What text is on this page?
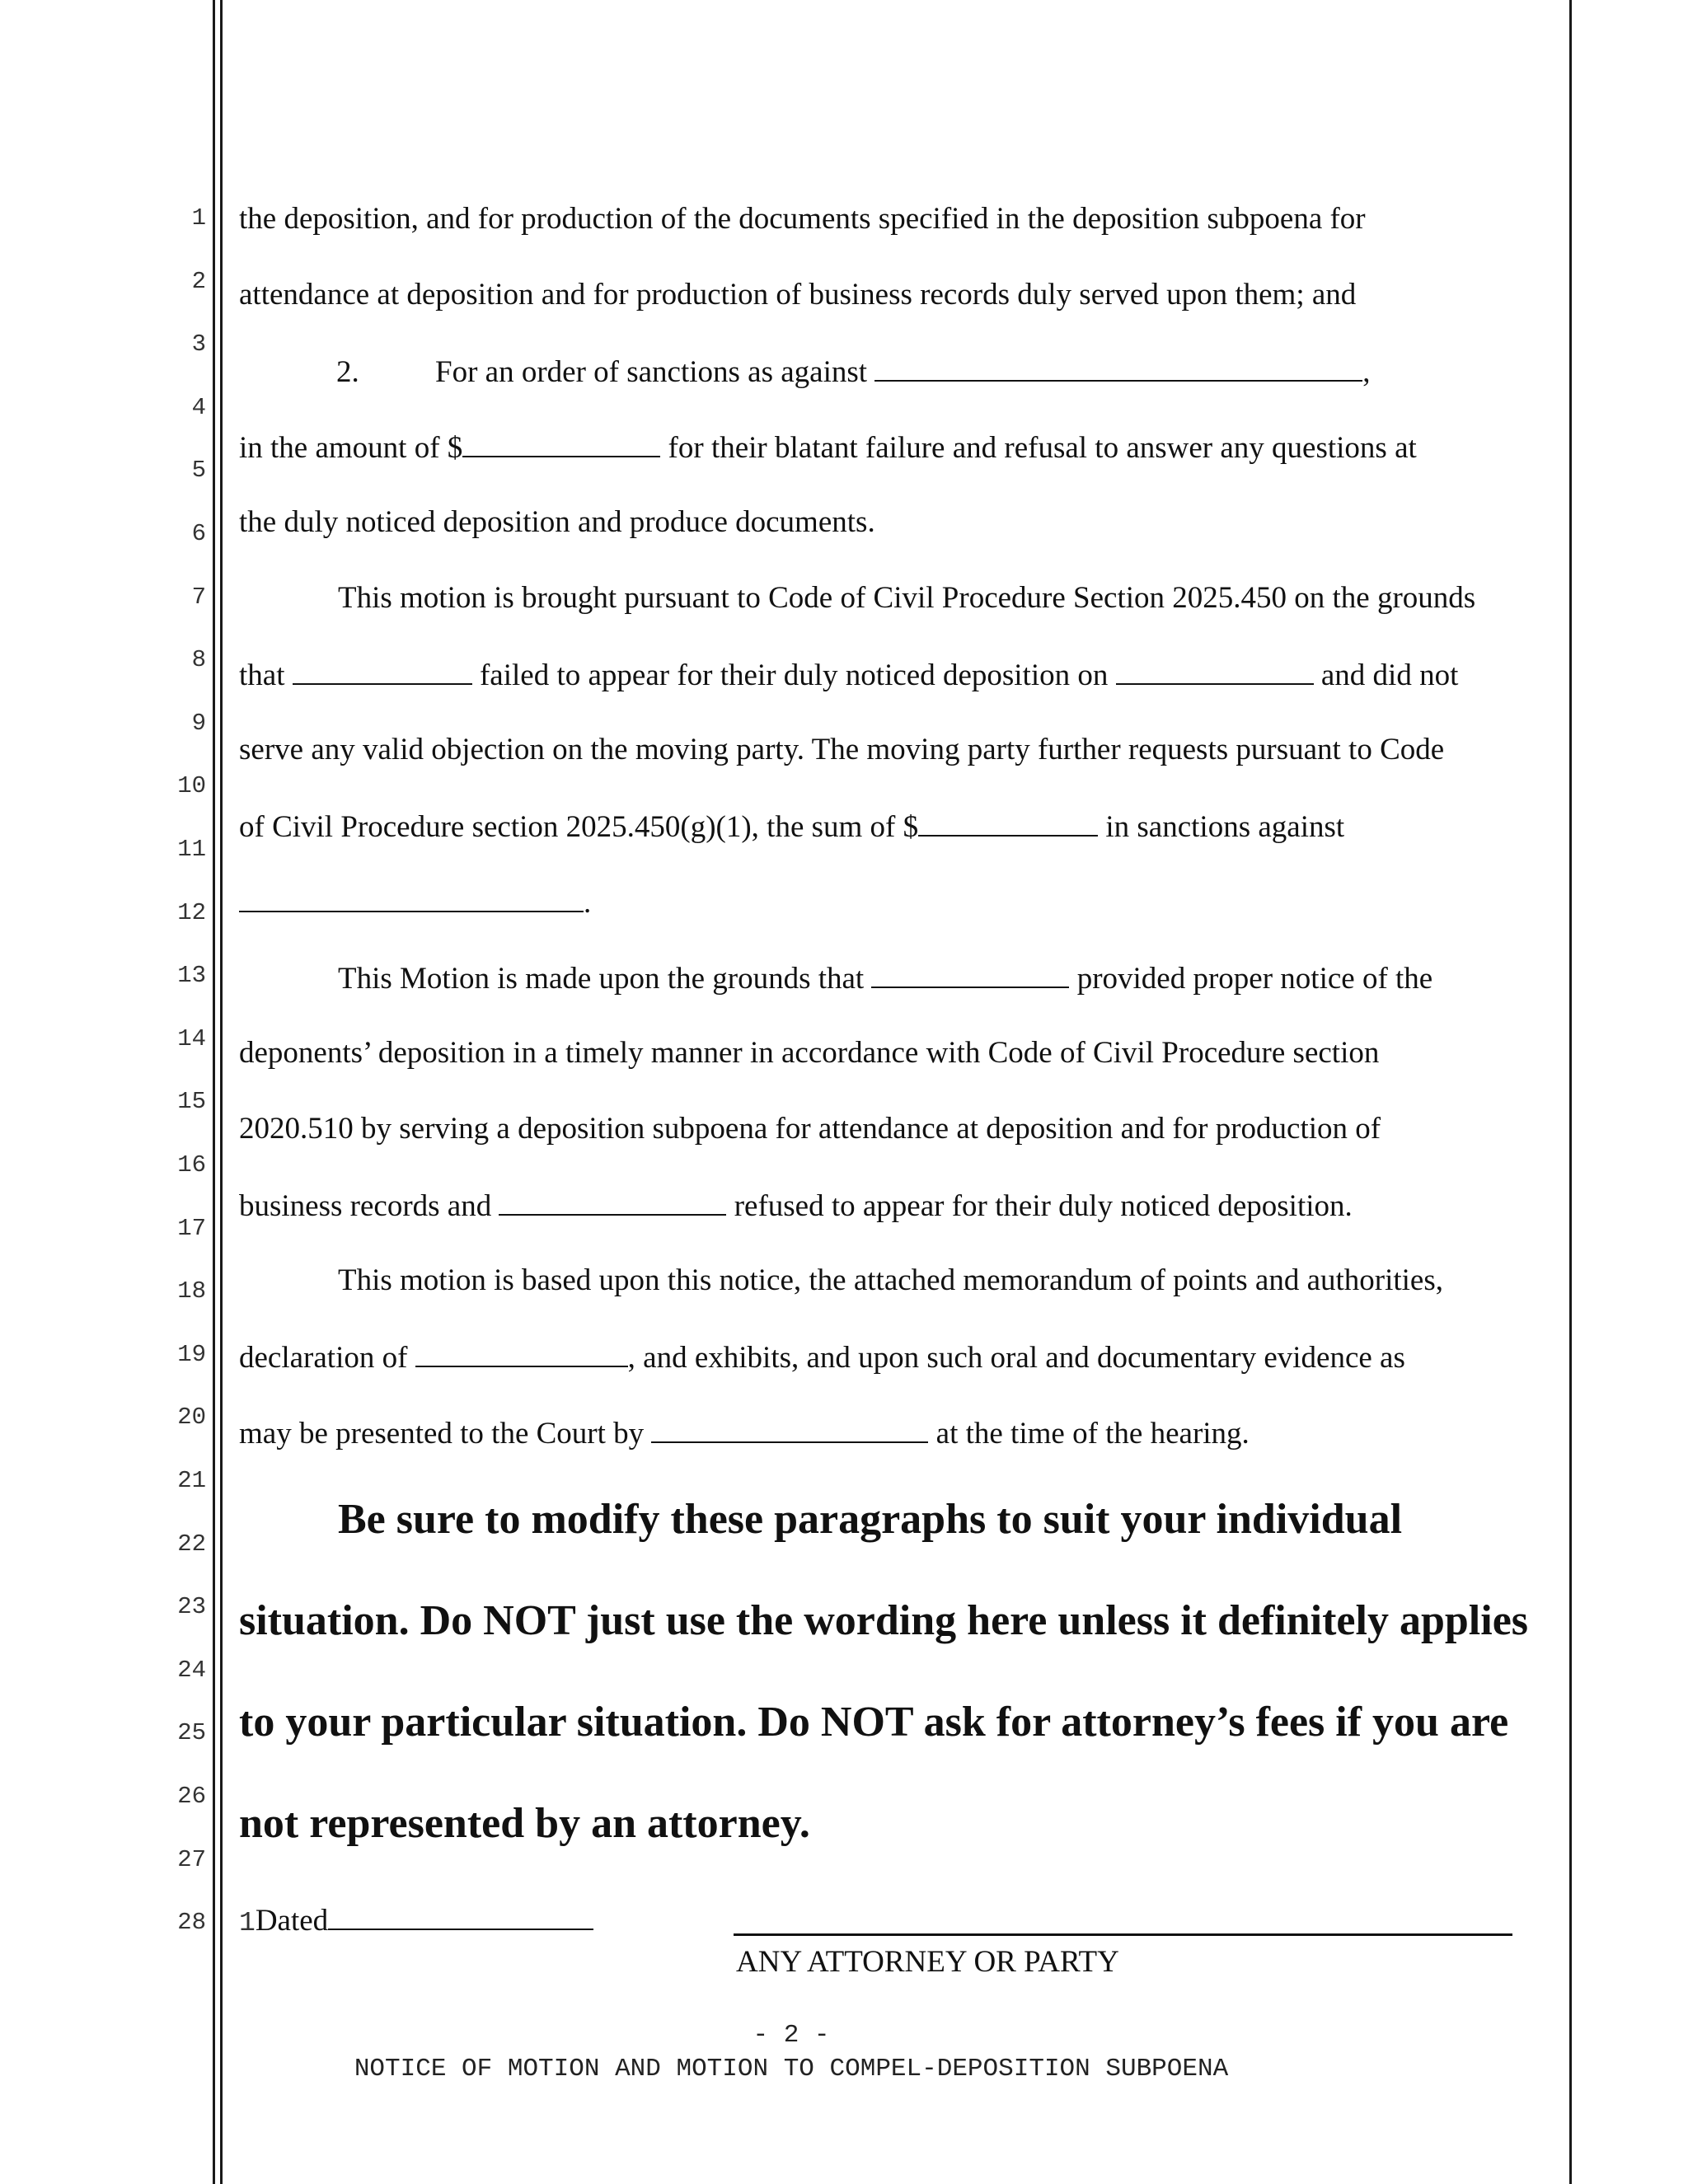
1
2
3
4
5
6
7
8
9
10
11
12
13
14
15
16
17
18
19
20
21
22
23
24
25
26
27
28
the deposition, and for production of the documents specified in the deposition subpoena for
attendance at deposition and for production of business records duly served upon them; and
2. For an order of sanctions as against	,
in the amount of $	for their blatant failure and refusal to answer any questions at
the duly noticed deposition and produce documents.
This motion is brought pursuant to Code of Civil Procedure Section 2025.450 on the grounds
that	failed to appear for their duly noticed deposition on	and did not
serve any valid objection on the moving party. The moving party further requests pursuant to Code
of Civil Procedure section 2025.450(g)(1), the sum of $	in sanctions against
.
This Motion is made upon the grounds that	provided proper notice of the
deponents’ deposition in a timely manner in accordance with Code of Civil Procedure section
2020.510 by serving a deposition subpoena for attendance at deposition and for production of
business records and	refused to appear for their duly noticed deposition.
This motion is based upon this notice, the attached memorandum of points and authorities,
declaration of	, and exhibits, and upon such oral and documentary evidence as
may be presented to the Court by	at the time of the hearing.
Be sure to modify these paragraphs to suit your individual
situation. Do NOT just use the wording here unless it definitely applies
to your particular situation. Do NOT ask for attorney’s fees if you are
not represented by an attorney.
1Dated
ANY ATTORNEY OR PARTY
- 2 -
NOTICE OF MOTION AND MOTION TO COMPEL-DEPOSITION SUBPOENA
